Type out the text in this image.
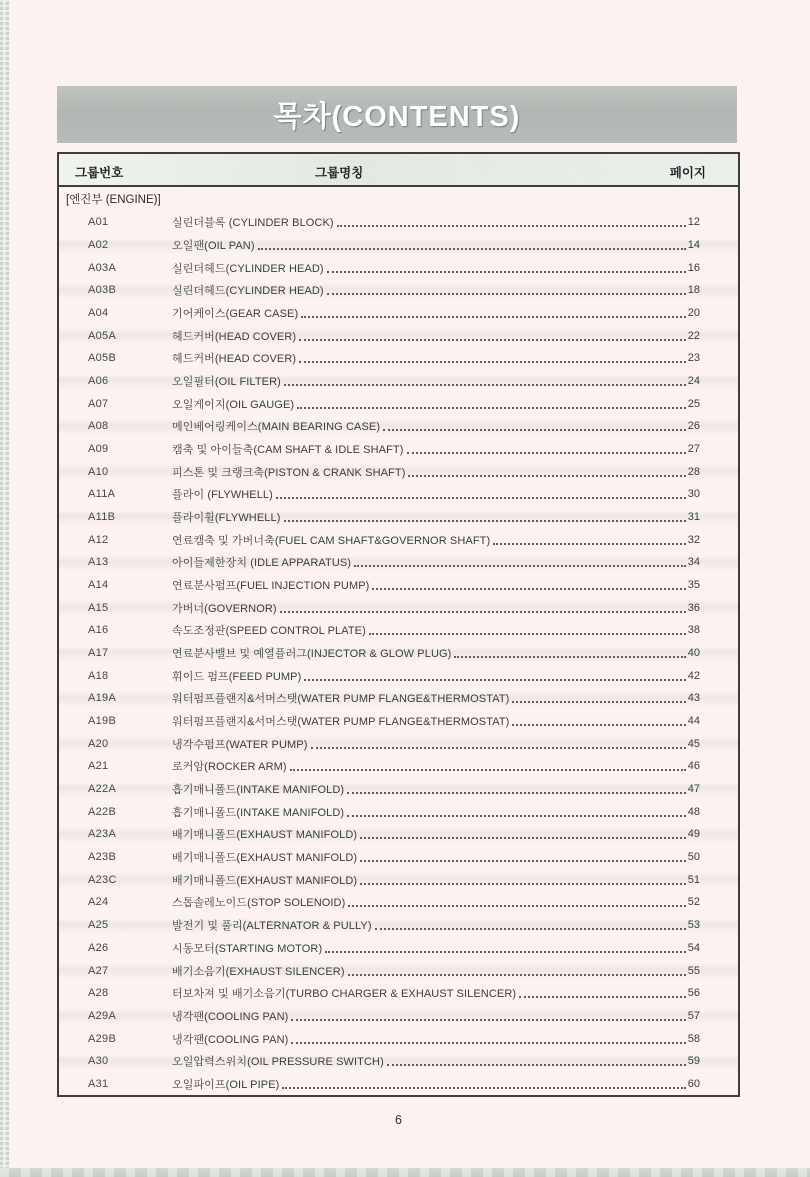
목차(CONTENTS)
그룹번호	그룹명칭	페이지
[엔진부 (ENGINE)]
A01	실린더블록 (CYLINDER BLOCK)	12
A02	오일팬(OIL PAN)	14
A03A	실린더헤드(CYLINDER HEAD)	16
A03B	실린더헤드(CYLINDER HEAD)	18
A04	기어케이스(GEAR CASE)	20
A05A	헤드커버(HEAD COVER)	22
A05B	헤드커버(HEAD COVER)	23
A06	오일필터(OIL FILTER)	24
A07	오일게이지(OIL GAUGE)	25
A08	메인베어링케이스(MAIN BEARING CASE)	26
A09	캠축 및 아이들축(CAM SHAFT & IDLE SHAFT)	27
A10	피스톤 및 크랭크축(PISTON & CRANK SHAFT)	28
A11A	플라이 (FLYWHELL)	30
A11B	플라이휠(FLYWHELL)	31
A12	연료캠축 및 가버너축(FUEL CAM SHAFT&GOVERNOR SHAFT)	32
A13	아이들제한장치 (IDLE APPARATUS)	34
A14	연료분사펌프(FUEL INJECTION PUMP)	35
A15	가버너(GOVERNOR)	36
A16	속도조정판(SPEED CONTROL PLATE)	38
A17	연료분사밸브 및 예열플러그(INJECTOR & GLOW PLUG)	40
A18	휘이드 펌프(FEED PUMP)	42
A19A	워터펌프플랜지&서머스탯(WATER PUMP FLANGE&THERMOSTAT)	43
A19B	워터펌프플랜지&서머스탯(WATER PUMP FLANGE&THERMOSTAT)	44
A20	냉각수펌프(WATER PUMP)	45
A21	로커암(ROCKER ARM)	46
A22A	흡기매니폴드(INTAKE MANIFOLD)	47
A22B	흡기매니폴드(INTAKE MANIFOLD)	48
A23A	배기매니폴드(EXHAUST MANIFOLD)	49
A23B	배기매니폴드(EXHAUST MANIFOLD)	50
A23C	배기매니폴드(EXHAUST MANIFOLD)	51
A24	스톱솔레노이드(STOP SOLENOID)	52
A25	발전기 및 풀리(ALTERNATOR & PULLY)	53
A26	시동모터(STARTING MOTOR)	54
A27	배기소음기(EXHAUST SILENCER)	55
A28	터보차져 및 배기소음기(TURBO CHARGER & EXHAUST SILENCER)	56
A29A	냉각팬(COOLING PAN)	57
A29B	냉각팬(COOLING PAN)	58
A30	오일압력스위치(OIL PRESSURE SWITCH)	59
A31	오일파이프(OIL PIPE)	60
6
